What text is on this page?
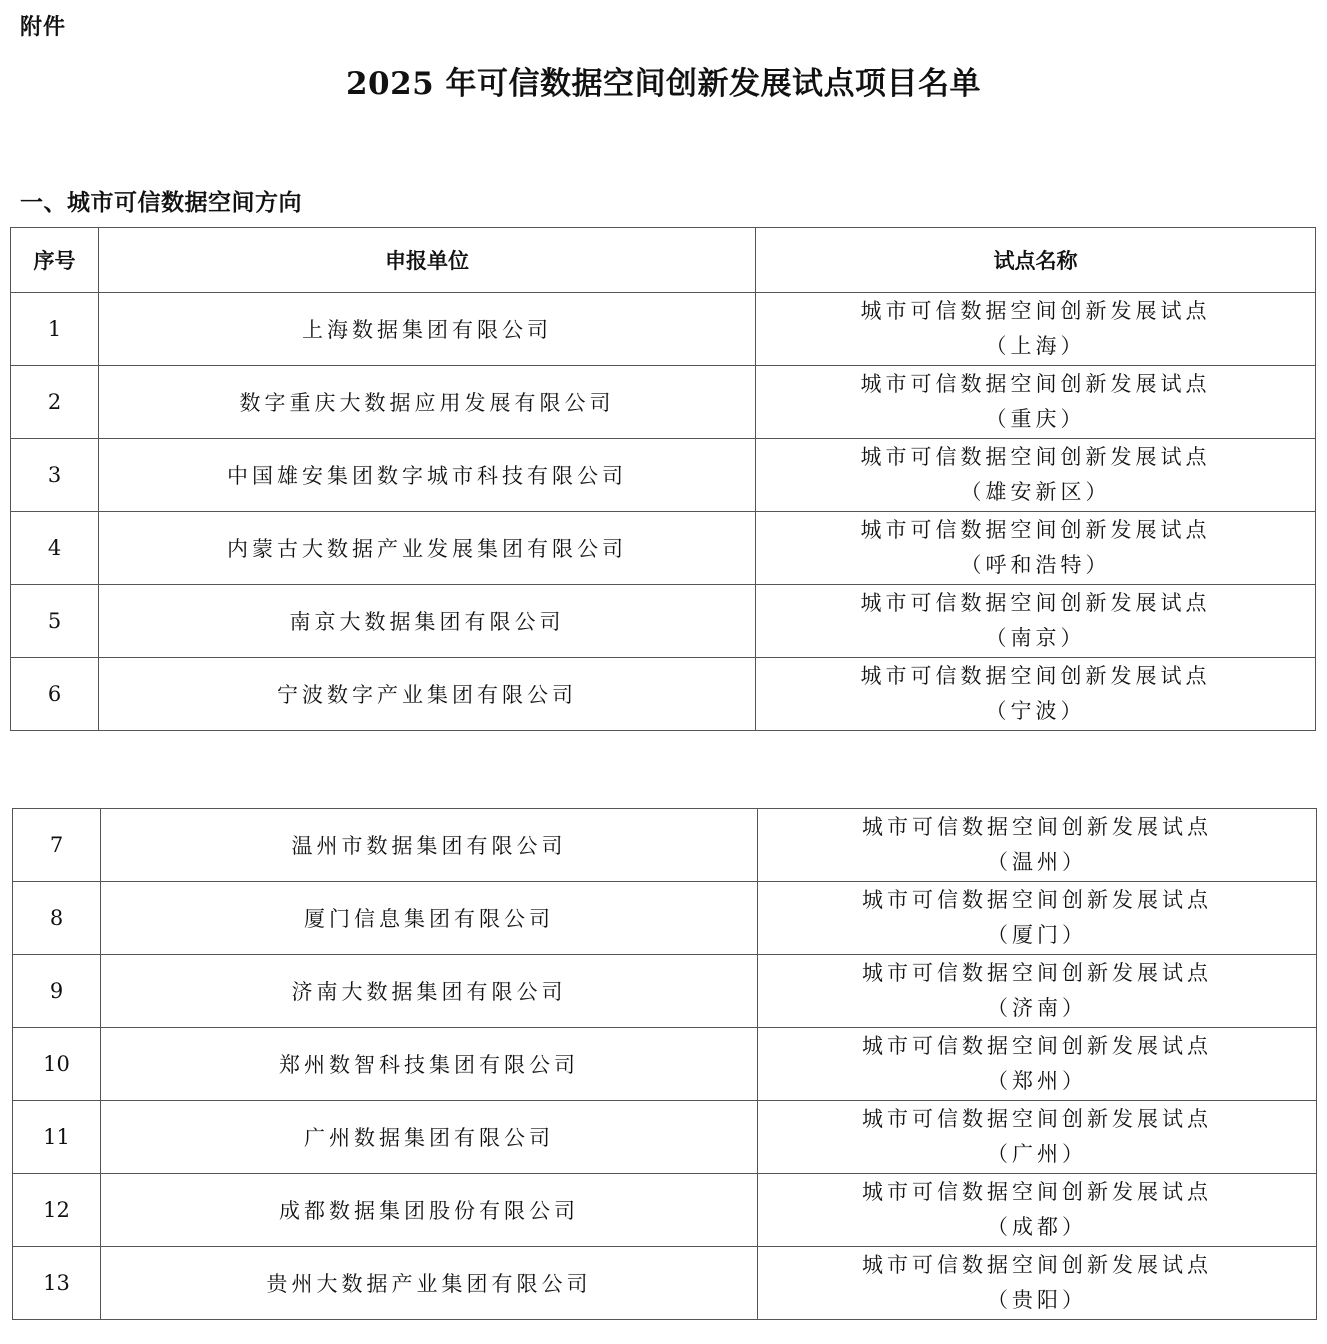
附件
2025 年可信数据空间创新发展试点项目名单
一、城市可信数据空间方向
序号	申报单位	试点名称
1	上海数据集团有限公司	城市可信数据空间创新发展试点
（上海）

2	数字重庆大数据应用发展有限公司	城市可信数据空间创新发展试点
（重庆）

3	中国雄安集团数字城市科技有限公司	城市可信数据空间创新发展试点
（雄安新区）

4	内蒙古大数据产业发展集团有限公司	城市可信数据空间创新发展试点
（呼和浩特）

5	南京大数据集团有限公司	城市可信数据空间创新发展试点
（南京）

6	宁波数字产业集团有限公司	城市可信数据空间创新发展试点
（宁波）
7	温州市数据集团有限公司	城市可信数据空间创新发展试点
（温州）

8	厦门信息集团有限公司	城市可信数据空间创新发展试点
（厦门）

9	济南大数据集团有限公司	城市可信数据空间创新发展试点
（济南）

10	郑州数智科技集团有限公司	城市可信数据空间创新发展试点
（郑州）

11	广州数据集团有限公司	城市可信数据空间创新发展试点
（广州）

12	成都数据集团股份有限公司	城市可信数据空间创新发展试点
（成都）

13	贵州大数据产业集团有限公司	城市可信数据空间创新发展试点
（贵阳）
